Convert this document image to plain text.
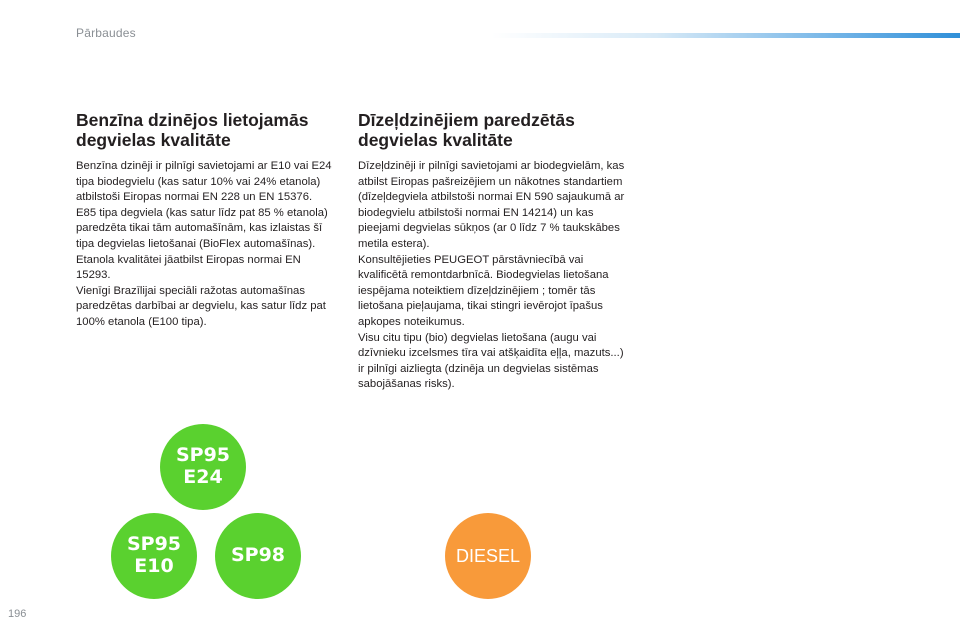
Pārbaudes
Benzīna dzinējos lietojamās degvielas kvalitāte

Benzīna dzinēji ir pilnīgi savietojami ar E10 vai E24 tipa biodegvielu (kas satur 10% vai 24% etanola) atbilstoši Eiropas normai EN 228 un EN 15376.

E85 tipa degviela (kas satur līdz pat 85 % etanola) paredzēta tikai tām automašīnām, kas izlaistas šī tipa degvielas lietošanai (BioFlex automašīnas). Etanola kvalitātei jāatbilst Eiropas normai EN 15293.

Vienīgi Brazīlijai speciāli ražotas automašīnas paredzētas darbībai ar degvielu, kas satur līdz pat 100% etanola (E100 tipa).

Dīzeļdzinējiem paredzētās degvielas kvalitāte

Dīzeļdzinēji ir pilnīgi savietojami ar biodegvielām, kas atbilst Eiropas pašreizējiem un nākotnes standartiem (dīzeļdegviela atbilstoši normai EN 590 sajaukumā ar biodegvielu atbilstoši normai EN 14214) un kas pieejami degvielas sūkņos (ar 0 līdz 7 % taukskābes metila estera).

Konsultējieties PEUGEOT pārstāvniecībā vai kvalificētā remontdarbnīcā. Biodegvielas lietošana iespējama noteiktiem dīzeļdzinējiem ; tomēr tās lietošana pieļaujama, tikai stingri ievērojot īpašus apkopes noteikumus.

Visu citu tipu (bio) degvielas lietošana (augu vai dzīvnieku izcelsmes tīra vai atšķaidīta eļļa, mazuts...) ir pilnīgi aizliegta (dzinēja un degvielas sistēmas sabojāšanas risks).

SP95
E24
SP95
E10	SP98	DIESEL
196
